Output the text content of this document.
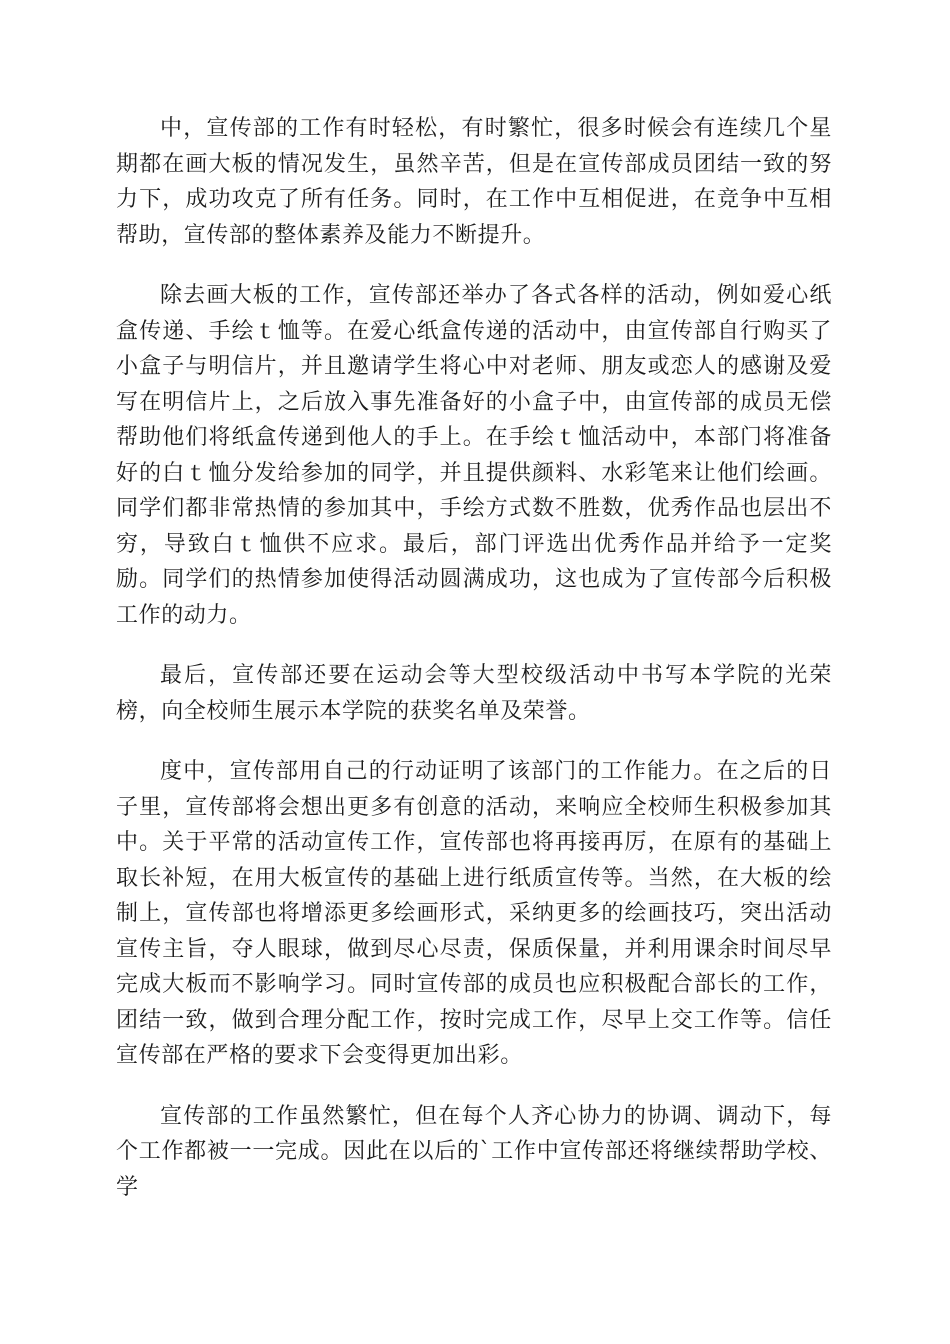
中，宣传部的工作有时轻松，有时繁忙，很多时候会有连续几个星期都在画大板的情况发生，虽然辛苦，但是在宣传部成员团结一致的努力下，成功攻克了所有任务。同时，在工作中互相促进，在竞争中互相帮助，宣传部的整体素养及能力不断提升。

除去画大板的工作，宣传部还举办了各式各样的活动，例如爱心纸盒传递、手绘ｔ恤等。在爱心纸盒传递的活动中，由宣传部自行购买了小盒子与明信片，并且邀请学生将心中对老师、朋友或恋人的感谢及爱写在明信片上，之后放入事先准备好的小盒子中，由宣传部的成员无偿帮助他们将纸盒传递到他人的手上。在手绘ｔ恤活动中，本部门将准备好的白ｔ恤分发给参加的同学，并且提供颜料、水彩笔来让他们绘画。同学们都非常热情的参加其中，手绘方式数不胜数，优秀作品也层出不穷，导致白ｔ恤供不应求。最后，部门评选出优秀作品并给予一定奖励。同学们的热情参加使得活动圆满成功，这也成为了宣传部今后积极工作的动力。

最后，宣传部还要在运动会等大型校级活动中书写本学院的光荣榜，向全校师生展示本学院的获奖名单及荣誉。

度中，宣传部用自己的行动证明了该部门的工作能力。在之后的日子里，宣传部将会想出更多有创意的活动，来响应全校师生积极参加其中。关于平常的活动宣传工作，宣传部也将再接再厉，在原有的基础上取长补短，在用大板宣传的基础上进行纸质宣传等。当然，在大板的绘制上，宣传部也将增添更多绘画形式，采纳更多的绘画技巧，突出活动宣传主旨，夺人眼球，做到尽心尽责，保质保量，并利用课余时间尽早完成大板而不影响学习。同时宣传部的成员也应积极配合部长的工作，团结一致，做到合理分配工作，按时完成工作，尽早上交工作等。信任宣传部在严格的要求下会变得更加出彩。

宣传部的工作虽然繁忙，但在每个人齐心协力的协调、调动下，每个工作都被一一完成。因此在以后的`工作中宣传部还将继续帮助学校、学
